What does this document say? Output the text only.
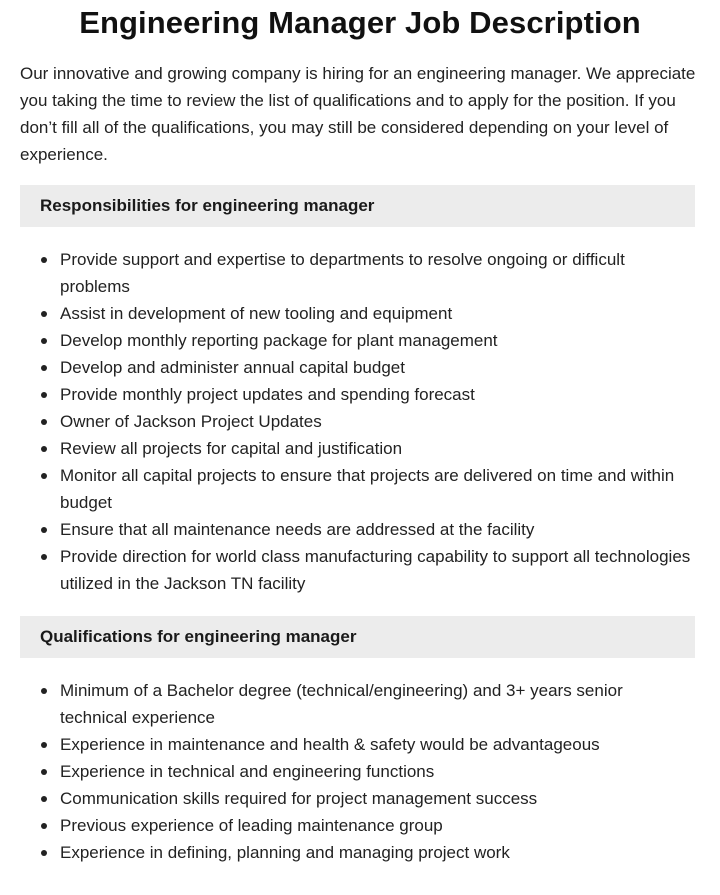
Engineering Manager Job Description

Our innovative and growing company is hiring for an engineering manager. We appreciate you taking the time to review the list of qualifications and to apply for the position. If you don’t fill all of the qualifications, you may still be considered depending on your level of experience.

Responsibilities for engineering manager
Provide support and expertise to departments to resolve ongoing or difficult problems
Assist in development of new tooling and equipment
Develop monthly reporting package for plant management
Develop and administer annual capital budget
Provide monthly project updates and spending forecast
Owner of Jackson Project Updates
Review all projects for capital and justification
Monitor all capital projects to ensure that projects are delivered on time and within budget
Ensure that all maintenance needs are addressed at the facility
Provide direction for world class manufacturing capability to support all technologies utilized in the Jackson TN facility
Qualifications for engineering manager
Minimum of a Bachelor degree (technical/engineering) and 3+ years senior technical experience
Experience in maintenance and health & safety would be advantageous
Experience in technical and engineering functions
Communication skills required for project management success
Previous experience of leading maintenance group
Experience in defining, planning and managing project work
